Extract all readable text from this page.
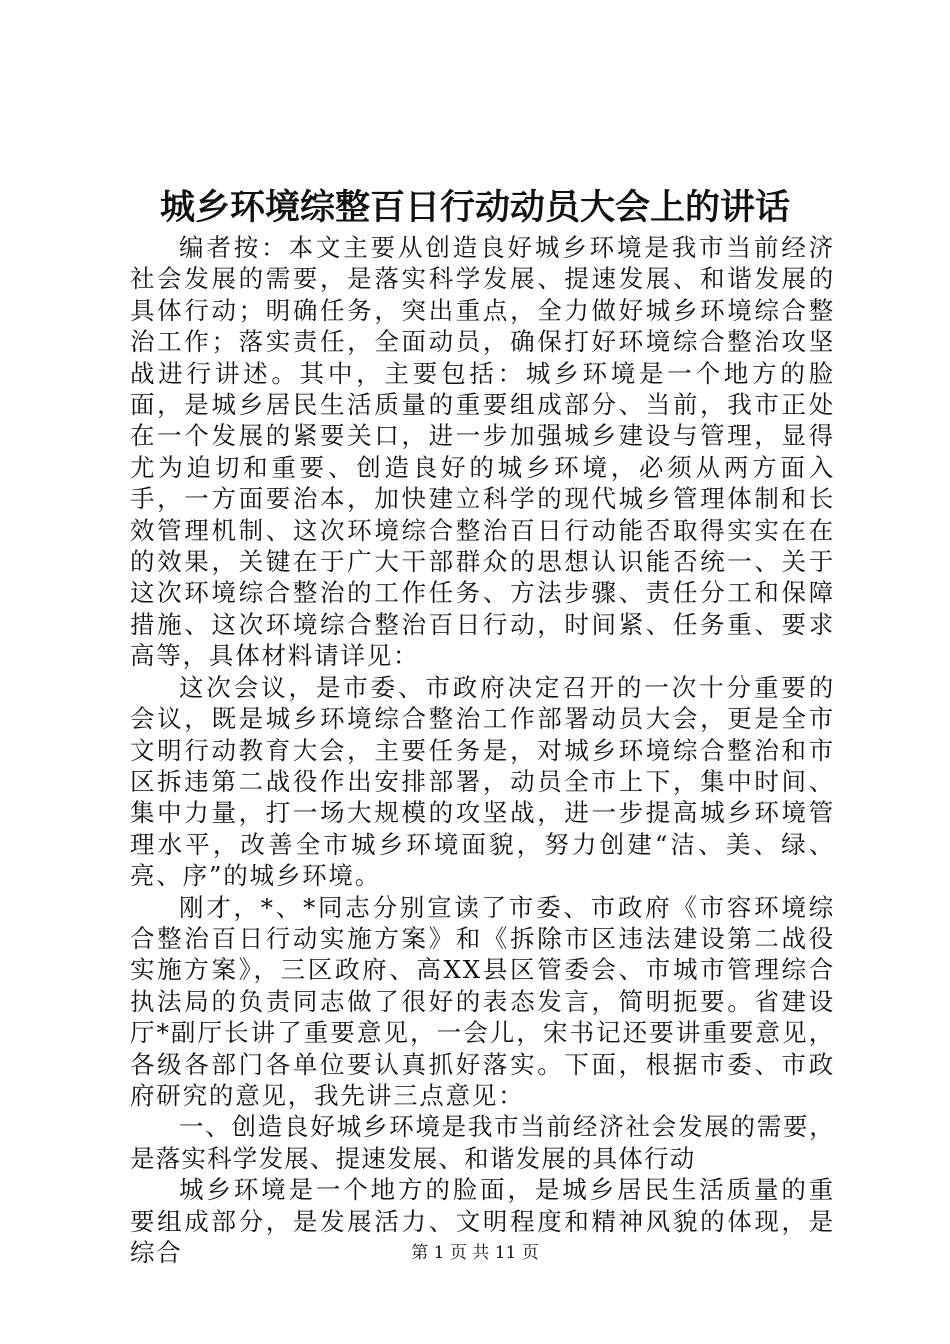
城乡环境综整百日行动动员大会上的讲话

编者按：本文主要从创造良好城乡环境是我市当前经济社会发展的需要，是落实科学发展、提速发展、和谐发展的具体行动；明确任务，突出重点，全力做好城乡环境综合整治工作；落实责任，全面动员，确保打好环境综合整治攻坚战进行讲述。其中，主要包括：城乡环境是一个地方的脸面，是城乡居民生活质量的重要组成部分、当前，我市正处在一个发展的紧要关口，进一步加强城乡建设与管理，显得尤为迫切和重要、创造良好的城乡环境，必须从两方面入手，一方面要治本，加快建立科学的现代城乡管理体制和长效管理机制、这次环境综合整治百日行动能否取得实实在在的效果，关键在于广大干部群众的思想认识能否统一、关于这次环境综合整治的工作任务、方法步骤、责任分工和保障措施、这次环境综合整治百日行动，时间紧、任务重、要求高等，具体材料请详见：

这次会议，是市委、市政府决定召开的一次十分重要的会议，既是城乡环境综合整治工作部署动员大会，更是全市文明行动教育大会，主要任务是，对城乡环境综合整治和市区拆违第二战役作出安排部署，动员全市上下，集中时间、集中力量，打一场大规模的攻坚战，进一步提高城乡环境管理水平，改善全市城乡环境面貌，努力创建“洁、美、绿、亮、序”的城乡环境。

刚才，*、*同志分别宣读了市委、市政府《市容环境综合整治百日行动实施方案》和《拆除市区违法建设第二战役实施方案》，三区政府、高XX县区管委会、市城市管理综合执法局的负责同志做了很好的表态发言，简明扼要。省建设厅*副厅长讲了重要意见，一会儿，宋书记还要讲重要意见，各级各部门各单位要认真抓好落实。下面，根据市委、市政府研究的意见，我先讲三点意见：

一、创造良好城乡环境是我市当前经济社会发展的需要，是落实科学发展、提速发展、和谐发展的具体行动

城乡环境是一个地方的脸面，是城乡居民生活质量的重要组成部分，是发展活力、文明程度和精神风貌的体现，是综合	第 1 页 共 11 页
